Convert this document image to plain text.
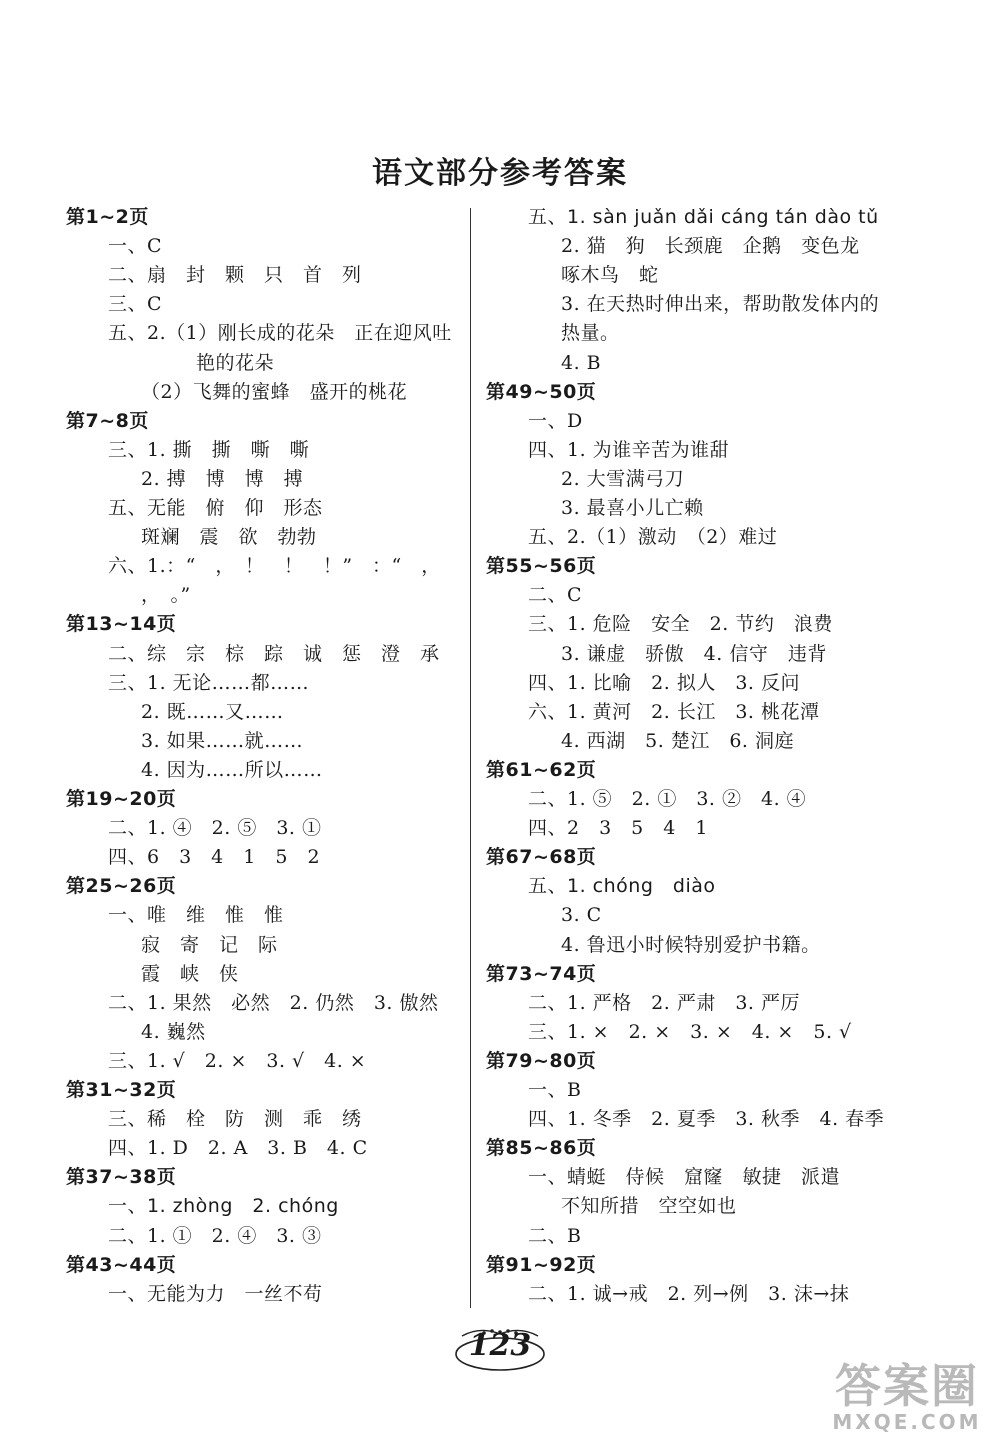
语文部分参考答案
第1~2页
一、C
二、扇　封　颗　只　首　列
三、C
五、2.（1）刚长成的花朵　正在迎风吐
艳的花朵
（2）飞舞的蜜蜂　盛开的桃花
第7~8页
三、1. 撕　撕　嘶　嘶
2. 搏　博　博　搏
五、无能　俯　仰　形态
斑斓　震　欲　勃勃
六、1.：“　，　！　！　！”　：“　，
，　。”
第13~14页
二、综　宗　棕　踪　诚　惩　澄　承
三、1. 无论……都……
2. 既……又……
3. 如果……就……
4. 因为……所以……
第19~20页
二、1. ④　2. ⑤　3. ①
四、6　3　4　1　5　2
第25~26页
一、唯　维　惟　惟
寂　寄　记　际
霞　峡　侠
二、1. 果然　必然　2. 仍然　3. 傲然
4. 巍然
三、1. √　2. ×　3. √　4. ×
第31~32页
三、稀　栓　防　测　乖　绣
四、1. D　2. A　3. B　4. C
第37~38页
一、1. zhòng　2. chóng
二、1. ①　2. ④　3. ③
第43~44页
一、无能为力　一丝不苟
五、1. sàn juǎn dǎi cáng tán dào tǔ
2. 猫　狗　长颈鹿　企鹅　变色龙
啄木鸟　蛇
3. 在天热时伸出来，帮助散发体内的
热量。
4. B
第49~50页
一、D
四、1. 为谁辛苦为谁甜
2. 大雪满弓刀
3. 最喜小儿亡赖
五、2.（1）激动　（2）难过
第55~56页
二、C
三、1. 危险　安全　2. 节约　浪费
3. 谦虚　骄傲　4. 信守　违背
四、1. 比喻　2. 拟人　3. 反问
六、1. 黄河　2. 长江　3. 桃花潭
4. 西湖　5. 楚江　6. 洞庭
第61~62页
二、1. ⑤　2. ①　3. ②　4. ④
四、2　3　5　4　1
第67~68页
五、1. chóng　diào
3. C
4. 鲁迅小时候特别爱护书籍。
第73~74页
二、1. 严格　2. 严肃　3. 严厉
三、1. ×　2. ×　3. ×　4. ×　5. √
第79~80页
一、B
四、1. 冬季　2. 夏季　3. 秋季　4. 春季
第85~86页
一、蜻蜓　侍候　窟窿　敏捷　派遣
不知所措　空空如也
二、B
第91~92页
二、1. 诚→戒　2. 列→例　3. 沫→抹
123
答案圈
MXQE.COM
